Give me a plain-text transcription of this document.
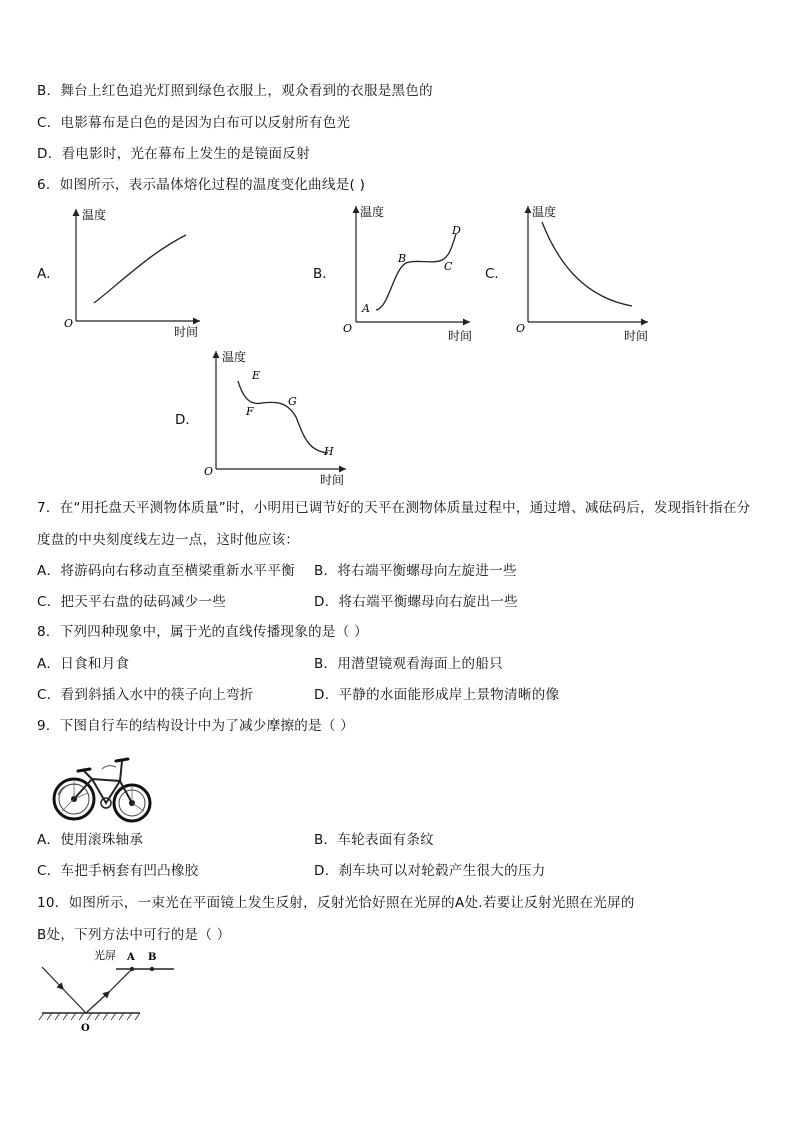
B．舞台上红色追光灯照到绿色衣服上，观众看到的衣服是黑色的
C．电影幕布是白色的是因为白布可以反射所有色光
D．看电影时，光在幕布上发生的是镜面反射
6．如图所示，表示晶体熔化过程的温度变化曲线是( )
A．
温度
时间
O
B．
温度
时间
O
A
B
C
D
C．
温度
时间
O
D．
温度
时间
O
E
F
G
H
7．在“用托盘天平测物体质量”时，小明用已调节好的天平在测物体质量过程中，通过增、减砝码后，发现指针指在分
度盘的中央刻度线左边一点，这时他应该：
A．将游码向右移动直至横梁重新水平平衡 B．将右端平衡螺母向左旋进一些
C．把天平右盘的砝码减少一些	D．将右端平衡螺母向右旋出一些
8．下列四种现象中，属于光的直线传播现象的是（ ）
A．日食和月食	B．用潜望镜观看海面上的船只
C．看到斜插入水中的筷子向上弯折	D．平静的水面能形成岸上景物清晰的像
9．下图自行车的结构设计中为了减少摩擦的是（ ）
A．使用滚珠轴承	B．车轮表面有条纹
C．车把手柄套有凹凸橡胶	D．刹车块可以对轮毂产生很大的压力
10．如图所示，一束光在平面镜上发生反射，反射光恰好照在光屏的A处.若要让反射光照在光屏的
B处，下列方法中可行的是（ ）
光屏 A B
O
